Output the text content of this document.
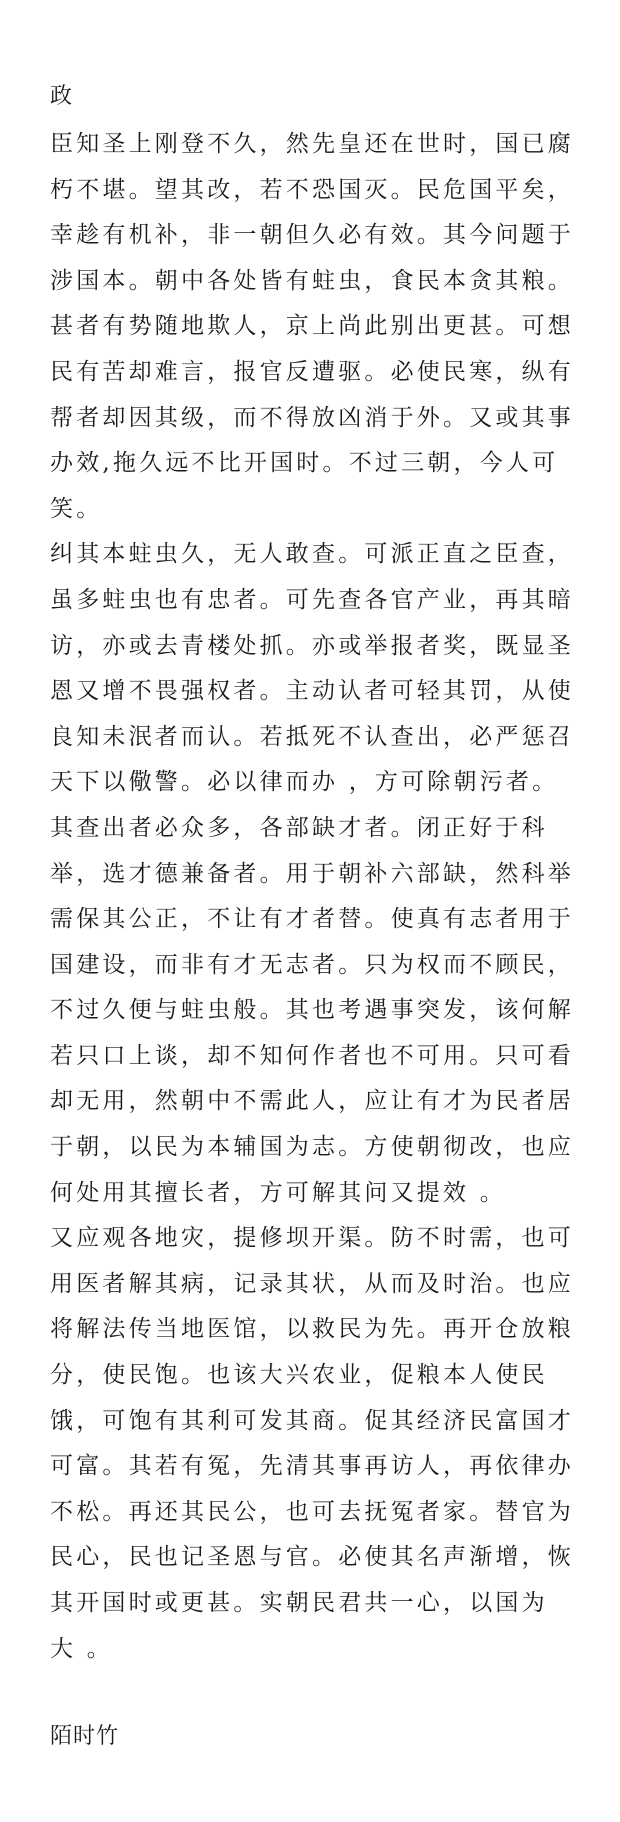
政
臣知圣上刚登不久，然先皇还在世时，国已腐
朽不堪。望其改，若不恐国灭。民危国平矣，
幸趁有机补，非一朝但久必有效。其今问题于
涉国本。朝中各处皆有蛀虫，食民本贪其粮。
甚者有势随地欺人，京上尚此别出更甚。可想
民有苦却难言，报官反遭驱。必使民寒，纵有
帮者却因其级，而不得放凶消于外。又或其事
办效,拖久远不比开国时。不过三朝，今人可
笑。
纠其本蛀虫久，无人敢查。可派正直之臣查，
虽多蛀虫也有忠者。可先查各官产业，再其暗
访，亦或去青楼处抓。亦或举报者奖，既显圣
恩又增不畏强权者。主动认者可轻其罚，从使
良知未泯者而认。若抵死不认查出，必严惩召
天下以儆警。必以律而办 ，方可除朝污者。
其查出者必众多，各部缺才者。闭正好于科
举，选才德兼备者。用于朝补六部缺，然科举
需保其公正，不让有才者替。使真有志者用于
国建设，而非有才无志者。只为权而不顾民，
不过久便与蛀虫般。其也考遇事突发，该何解
若只口上谈，却不知何作者也不可用。只可看
却无用，然朝中不需此人，应让有才为民者居
于朝，以民为本辅国为志。方使朝彻改，也应
何处用其擅长者，方可解其问又提效 。
又应观各地灾，提修坝开渠。防不时需，也可
用医者解其病，记录其状，从而及时治。也应
将解法传当地医馆，以救民为先。再开仓放粮
分，使民饱。也该大兴农业，促粮本人使民
饿，可饱有其利可发其商。促其经济民富国才
可富。其若有冤，先清其事再访人，再依律办
不松。再还其民公，也可去抚冤者家。替官为
民心，民也记圣恩与官。必使其名声渐增，恢
其开国时或更甚。实朝民君共一心，以国为
大 。
陌时竹
